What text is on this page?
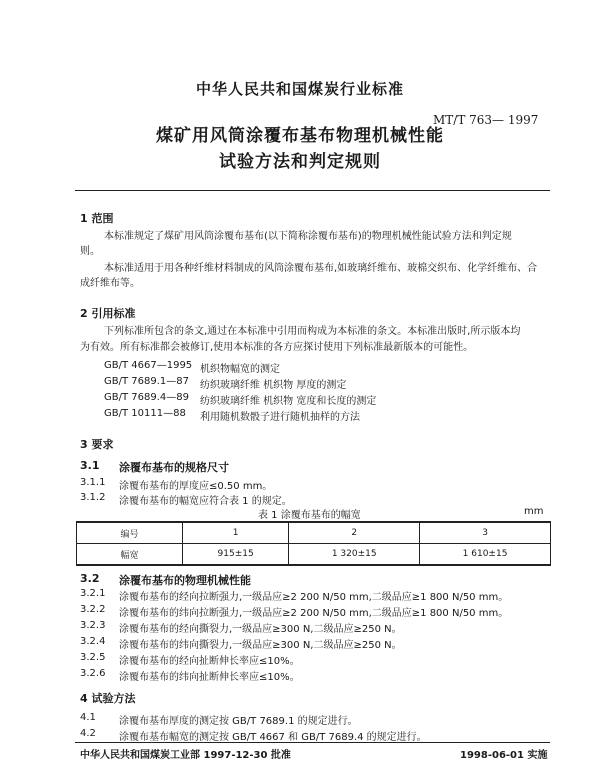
中华人民共和国煤炭行业标准
MT/T 763— 1997
煤矿用风筒涂覆布基布物理机械性能
试验方法和判定规则
1 范围
本标准规定了煤矿用风筒涂覆布基布(以下简称涂覆布基布)的物理机械性能试验方法和判定规
则。
本标准适用于用各种纤维材料制成的风筒涂覆布基布,如玻璃纤维布、玻棉交织布、化学纤维布、合
成纤维布等。
2 引用标准
下列标准所包含的条文,通过在本标准中引用而构成为本标准的条文。本标准出版时,所示版本均
为有效。所有标准都会被修订,使用本标准的各方应探讨使用下列标准最新版本的可能性。
GB/T 4667—1995 机织物幅宽的测定
GB/T 7689.1—87 纺织玻璃纤维 机织物 厚度的测定
GB/T 7689.4—89 纺织玻璃纤维 机织物 宽度和长度的测定
GB/T 10111—88 利用随机数骰子进行随机抽样的方法
3 要求
3.1 涂覆布基布的规格尺寸
3.1.1 涂覆布基布的厚度应≤0.50 mm。
3.1.2 涂覆布基布的幅宽应符合表 1 的规定。
表 1 涂覆布基布的幅宽	mm
编号	1	2	3
幅宽	915±15	1 320±15	1 610±15
3.2 涂覆布基布的物理机械性能
3.2.1 涂覆布基布的经向拉断强力,一级品应≥2 200 N/50 mm,二级品应≥1 800 N/50 mm。
3.2.2 涂覆布基布的纬向拉断强力,一级品应≥2 200 N/50 mm,二级品应≥1 800 N/50 mm。
3.2.3 涂覆布基布的经向撕裂力,一级品应≥300 N,二级品应≥250 N。
3.2.4 涂覆布基布的纬向撕裂力,一级品应≥300 N,二级品应≥250 N。
3.2.5 涂覆布基布的经向扯断伸长率应≤10%。
3.2.6 涂覆布基布的纬向扯断伸长率应≤10%。
4 试验方法
4.1 涂覆布基布厚度的测定按 GB/T 7689.1 的规定进行。
4.2 涂覆布基布幅宽的测定按 GB/T 4667 和 GB/T 7689.4 的规定进行。
中华人民共和国煤炭工业部 1997-12-30 批准	1998-06-01 实施
